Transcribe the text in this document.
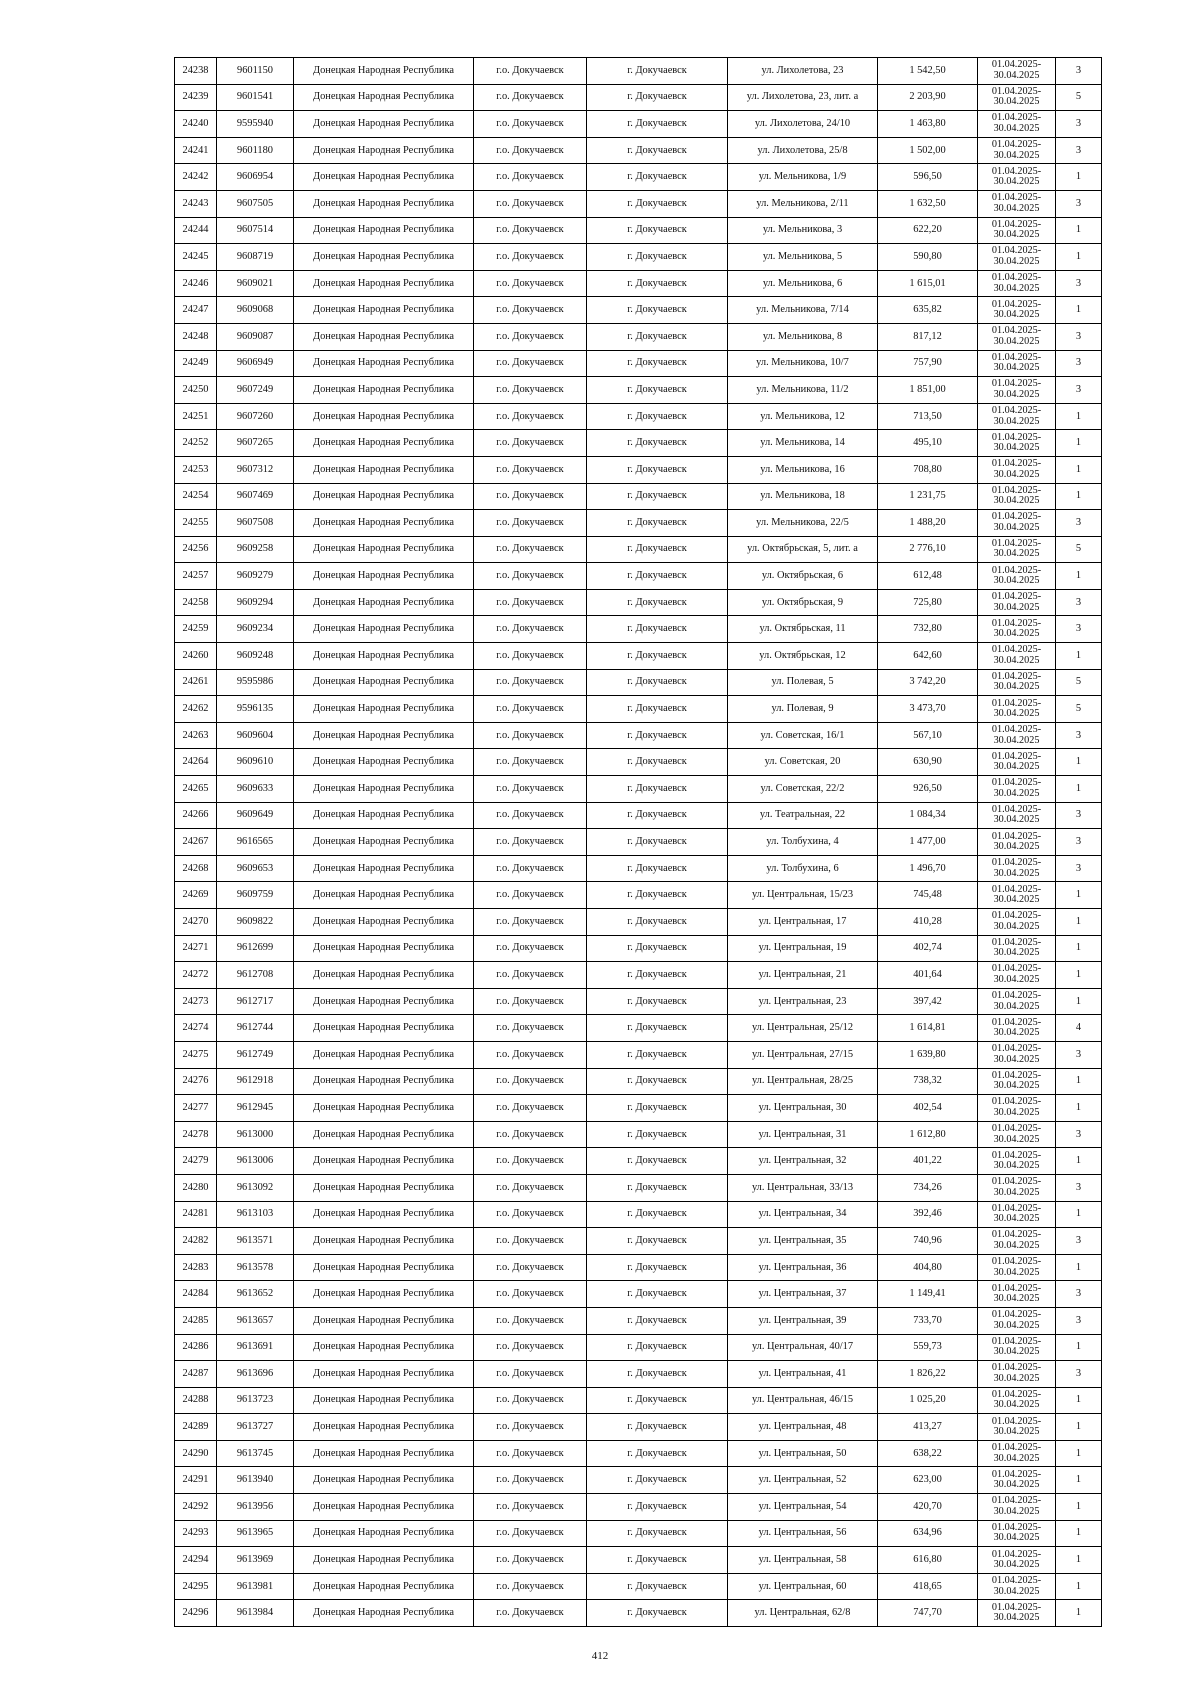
24238	9601150	Донецкая Народная Республика	г.о. Докучаевск	г. Докучаевск	ул. Лихолетова, 23	1 542,50	01.04.2025-30.04.2025	3
24239	9601541	Донецкая Народная Республика	г.о. Докучаевск	г. Докучаевск	ул. Лихолетова, 23, лит. а	2 203,90	01.04.2025-30.04.2025	5
24240	9595940	Донецкая Народная Республика	г.о. Докучаевск	г. Докучаевск	ул. Лихолетова, 24/10	1 463,80	01.04.2025-30.04.2025	3
24241	9601180	Донецкая Народная Республика	г.о. Докучаевск	г. Докучаевск	ул. Лихолетова, 25/8	1 502,00	01.04.2025-30.04.2025	3
24242	9606954	Донецкая Народная Республика	г.о. Докучаевск	г. Докучаевск	ул. Мельникова, 1/9	596,50	01.04.2025-30.04.2025	1
24243	9607505	Донецкая Народная Республика	г.о. Докучаевск	г. Докучаевск	ул. Мельникова, 2/11	1 632,50	01.04.2025-30.04.2025	3
24244	9607514	Донецкая Народная Республика	г.о. Докучаевск	г. Докучаевск	ул. Мельникова, 3	622,20	01.04.2025-30.04.2025	1
24245	9608719	Донецкая Народная Республика	г.о. Докучаевск	г. Докучаевск	ул. Мельникова, 5	590,80	01.04.2025-30.04.2025	1
24246	9609021	Донецкая Народная Республика	г.о. Докучаевск	г. Докучаевск	ул. Мельникова, 6	1 615,01	01.04.2025-30.04.2025	3
24247	9609068	Донецкая Народная Республика	г.о. Докучаевск	г. Докучаевск	ул. Мельникова, 7/14	635,82	01.04.2025-30.04.2025	1
24248	9609087	Донецкая Народная Республика	г.о. Докучаевск	г. Докучаевск	ул. Мельникова, 8	817,12	01.04.2025-30.04.2025	3
24249	9606949	Донецкая Народная Республика	г.о. Докучаевск	г. Докучаевск	ул. Мельникова, 10/7	757,90	01.04.2025-30.04.2025	3
24250	9607249	Донецкая Народная Республика	г.о. Докучаевск	г. Докучаевск	ул. Мельникова, 11/2	1 851,00	01.04.2025-30.04.2025	3
24251	9607260	Донецкая Народная Республика	г.о. Докучаевск	г. Докучаевск	ул. Мельникова, 12	713,50	01.04.2025-30.04.2025	1
24252	9607265	Донецкая Народная Республика	г.о. Докучаевск	г. Докучаевск	ул. Мельникова, 14	495,10	01.04.2025-30.04.2025	1
24253	9607312	Донецкая Народная Республика	г.о. Докучаевск	г. Докучаевск	ул. Мельникова, 16	708,80	01.04.2025-30.04.2025	1
24254	9607469	Донецкая Народная Республика	г.о. Докучаевск	г. Докучаевск	ул. Мельникова, 18	1 231,75	01.04.2025-30.04.2025	1
24255	9607508	Донецкая Народная Республика	г.о. Докучаевск	г. Докучаевск	ул. Мельникова, 22/5	1 488,20	01.04.2025-30.04.2025	3
24256	9609258	Донецкая Народная Республика	г.о. Докучаевск	г. Докучаевск	ул. Октябрьская, 5, лит. а	2 776,10	01.04.2025-30.04.2025	5
24257	9609279	Донецкая Народная Республика	г.о. Докучаевск	г. Докучаевск	ул. Октябрьская, 6	612,48	01.04.2025-30.04.2025	1
24258	9609294	Донецкая Народная Республика	г.о. Докучаевск	г. Докучаевск	ул. Октябрьская, 9	725,80	01.04.2025-30.04.2025	3
24259	9609234	Донецкая Народная Республика	г.о. Докучаевск	г. Докучаевск	ул. Октябрьская, 11	732,80	01.04.2025-30.04.2025	3
24260	9609248	Донецкая Народная Республика	г.о. Докучаевск	г. Докучаевск	ул. Октябрьская, 12	642,60	01.04.2025-30.04.2025	1
24261	9595986	Донецкая Народная Республика	г.о. Докучаевск	г. Докучаевск	ул. Полевая, 5	3 742,20	01.04.2025-30.04.2025	5
24262	9596135	Донецкая Народная Республика	г.о. Докучаевск	г. Докучаевск	ул. Полевая, 9	3 473,70	01.04.2025-30.04.2025	5
24263	9609604	Донецкая Народная Республика	г.о. Докучаевск	г. Докучаевск	ул. Советская, 16/1	567,10	01.04.2025-30.04.2025	3
24264	9609610	Донецкая Народная Республика	г.о. Докучаевск	г. Докучаевск	ул. Советская, 20	630,90	01.04.2025-30.04.2025	1
24265	9609633	Донецкая Народная Республика	г.о. Докучаевск	г. Докучаевск	ул. Советская, 22/2	926,50	01.04.2025-30.04.2025	1
24266	9609649	Донецкая Народная Республика	г.о. Докучаевск	г. Докучаевск	ул. Театральная, 22	1 084,34	01.04.2025-30.04.2025	3
24267	9616565	Донецкая Народная Республика	г.о. Докучаевск	г. Докучаевск	ул. Толбухина, 4	1 477,00	01.04.2025-30.04.2025	3
24268	9609653	Донецкая Народная Республика	г.о. Докучаевск	г. Докучаевск	ул. Толбухина, 6	1 496,70	01.04.2025-30.04.2025	3
24269	9609759	Донецкая Народная Республика	г.о. Докучаевск	г. Докучаевск	ул. Центральная, 15/23	745,48	01.04.2025-30.04.2025	1
24270	9609822	Донецкая Народная Республика	г.о. Докучаевск	г. Докучаевск	ул. Центральная, 17	410,28	01.04.2025-30.04.2025	1
24271	9612699	Донецкая Народная Республика	г.о. Докучаевск	г. Докучаевск	ул. Центральная, 19	402,74	01.04.2025-30.04.2025	1
24272	9612708	Донецкая Народная Республика	г.о. Докучаевск	г. Докучаевск	ул. Центральная, 21	401,64	01.04.2025-30.04.2025	1
24273	9612717	Донецкая Народная Республика	г.о. Докучаевск	г. Докучаевск	ул. Центральная, 23	397,42	01.04.2025-30.04.2025	1
24274	9612744	Донецкая Народная Республика	г.о. Докучаевск	г. Докучаевск	ул. Центральная, 25/12	1 614,81	01.04.2025-30.04.2025	4
24275	9612749	Донецкая Народная Республика	г.о. Докучаевск	г. Докучаевск	ул. Центральная, 27/15	1 639,80	01.04.2025-30.04.2025	3
24276	9612918	Донецкая Народная Республика	г.о. Докучаевск	г. Докучаевск	ул. Центральная, 28/25	738,32	01.04.2025-30.04.2025	1
24277	9612945	Донецкая Народная Республика	г.о. Докучаевск	г. Докучаевск	ул. Центральная, 30	402,54	01.04.2025-30.04.2025	1
24278	9613000	Донецкая Народная Республика	г.о. Докучаевск	г. Докучаевск	ул. Центральная, 31	1 612,80	01.04.2025-30.04.2025	3
24279	9613006	Донецкая Народная Республика	г.о. Докучаевск	г. Докучаевск	ул. Центральная, 32	401,22	01.04.2025-30.04.2025	1
24280	9613092	Донецкая Народная Республика	г.о. Докучаевск	г. Докучаевск	ул. Центральная, 33/13	734,26	01.04.2025-30.04.2025	3
24281	9613103	Донецкая Народная Республика	г.о. Докучаевск	г. Докучаевск	ул. Центральная, 34	392,46	01.04.2025-30.04.2025	1
24282	9613571	Донецкая Народная Республика	г.о. Докучаевск	г. Докучаевск	ул. Центральная, 35	740,96	01.04.2025-30.04.2025	3
24283	9613578	Донецкая Народная Республика	г.о. Докучаевск	г. Докучаевск	ул. Центральная, 36	404,80	01.04.2025-30.04.2025	1
24284	9613652	Донецкая Народная Республика	г.о. Докучаевск	г. Докучаевск	ул. Центральная, 37	1 149,41	01.04.2025-30.04.2025	3
24285	9613657	Донецкая Народная Республика	г.о. Докучаевск	г. Докучаевск	ул. Центральная, 39	733,70	01.04.2025-30.04.2025	3
24286	9613691	Донецкая Народная Республика	г.о. Докучаевск	г. Докучаевск	ул. Центральная, 40/17	559,73	01.04.2025-30.04.2025	1
24287	9613696	Донецкая Народная Республика	г.о. Докучаевск	г. Докучаевск	ул. Центральная, 41	1 826,22	01.04.2025-30.04.2025	3
24288	9613723	Донецкая Народная Республика	г.о. Докучаевск	г. Докучаевск	ул. Центральная, 46/15	1 025,20	01.04.2025-30.04.2025	1
24289	9613727	Донецкая Народная Республика	г.о. Докучаевск	г. Докучаевск	ул. Центральная, 48	413,27	01.04.2025-30.04.2025	1
24290	9613745	Донецкая Народная Республика	г.о. Докучаевск	г. Докучаевск	ул. Центральная, 50	638,22	01.04.2025-30.04.2025	1
24291	9613940	Донецкая Народная Республика	г.о. Докучаевск	г. Докучаевск	ул. Центральная, 52	623,00	01.04.2025-30.04.2025	1
24292	9613956	Донецкая Народная Республика	г.о. Докучаевск	г. Докучаевск	ул. Центральная, 54	420,70	01.04.2025-30.04.2025	1
24293	9613965	Донецкая Народная Республика	г.о. Докучаевск	г. Докучаевск	ул. Центральная, 56	634,96	01.04.2025-30.04.2025	1
24294	9613969	Донецкая Народная Республика	г.о. Докучаевск	г. Докучаевск	ул. Центральная, 58	616,80	01.04.2025-30.04.2025	1
24295	9613981	Донецкая Народная Республика	г.о. Докучаевск	г. Докучаевск	ул. Центральная, 60	418,65	01.04.2025-30.04.2025	1
24296	9613984	Донецкая Народная Республика	г.о. Докучаевск	г. Докучаевск	ул. Центральная, 62/8	747,70	01.04.2025-30.04.2025	1
412
